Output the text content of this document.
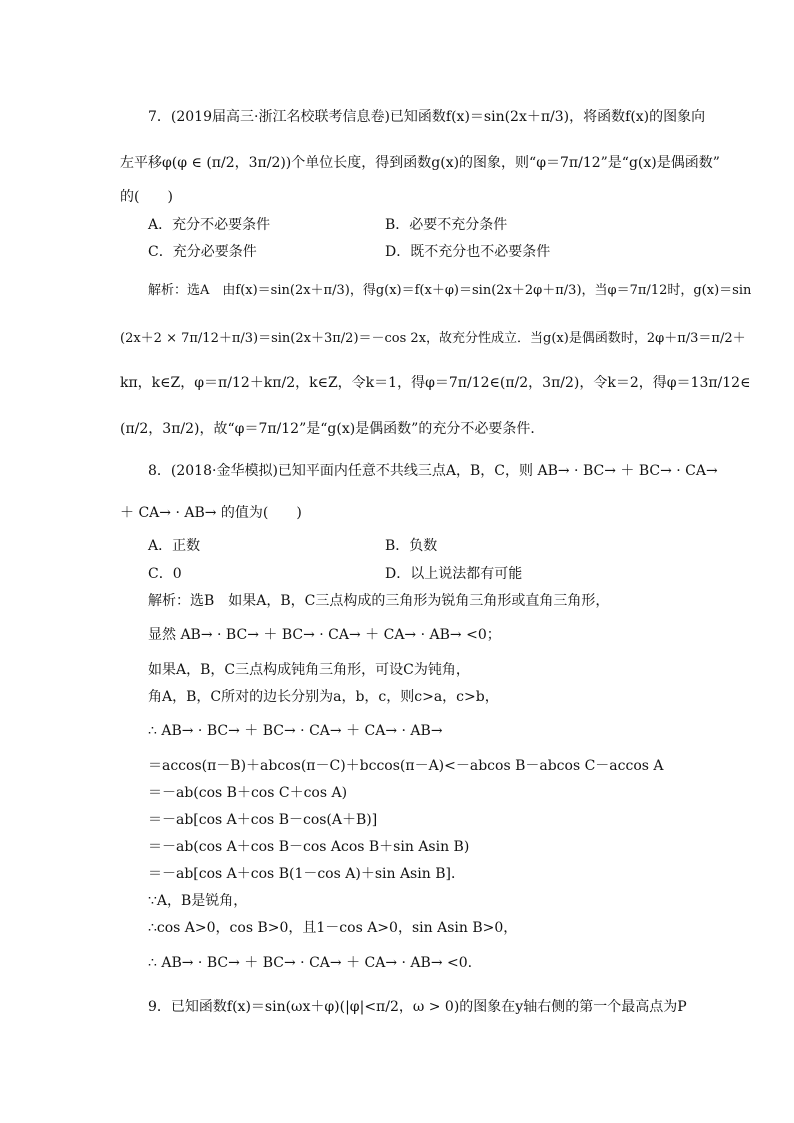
7．(2019届高三·浙江名校联考信息卷)已知函数f(x)＝sin(2x＋π/3)，将函数f(x)的图象向
左平移φ(φ ∈ (π/2，3π/2))个单位长度，得到函数g(x)的图象，则“φ＝7π/12”是“g(x)是偶函数”
的(　　)
A．充分不必要条件	B．必要不充分条件
C．充分必要条件	D．既不充分也不必要条件
解析：选A　由f(x)＝sin(2x＋π/3)，得g(x)＝f(x＋φ)＝sin(2x＋2φ＋π/3)，当φ＝7π/12时，g(x)＝sin
(2x＋2 × 7π/12＋π/3)＝sin(2x＋3π/2)＝－cos 2x，故充分性成立．当g(x)是偶函数时，2φ＋π/3＝π/2＋
kπ，k∈Z，φ＝π/12＋kπ/2，k∈Z，令k＝1，得φ＝7π/12∈(π/2，3π/2)，令k＝2，得φ＝13π/12∈
(π/2，3π/2)，故“φ＝7π/12”是“g(x)是偶函数”的充分不必要条件．
8．(2018·金华模拟)已知平面内任意不共线三点A，B，C，则 AB→ · BC→ ＋ BC→ · CA→
＋ CA→ · AB→ 的值为(　　)
A．正数	B．负数
C．0	D．以上说法都有可能
解析：选B　如果A，B，C三点构成的三角形为锐角三角形或直角三角形，
显然 AB→ · BC→ ＋ BC→ · CA→ ＋ CA→ · AB→ <0；
如果A，B，C三点构成钝角三角形，可设C为钝角，
角A，B，C所对的边长分别为a，b，c，则c>a，c>b，
∴ AB→ · BC→ ＋ BC→ · CA→ ＋ CA→ · AB→
＝accos(π－B)＋abcos(π－C)＋bccos(π－A)<－abcos B－abcos C－accos A
＝－ab(cos B＋cos C＋cos A)
＝－ab[cos A＋cos B－cos(A＋B)]
＝－ab(cos A＋cos B－cos Acos B＋sin Asin B)
＝－ab[cos A＋cos B(1－cos A)＋sin Asin B]．
∵A，B是锐角，
∴cos A>0，cos B>0，且1－cos A>0，sin Asin B>0，
∴ AB→ · BC→ ＋ BC→ · CA→ ＋ CA→ · AB→ <0.
9．已知函数f(x)＝sin(ωx＋φ)(|φ|<π/2，ω > 0)的图象在y轴右侧的第一个最高点为P
